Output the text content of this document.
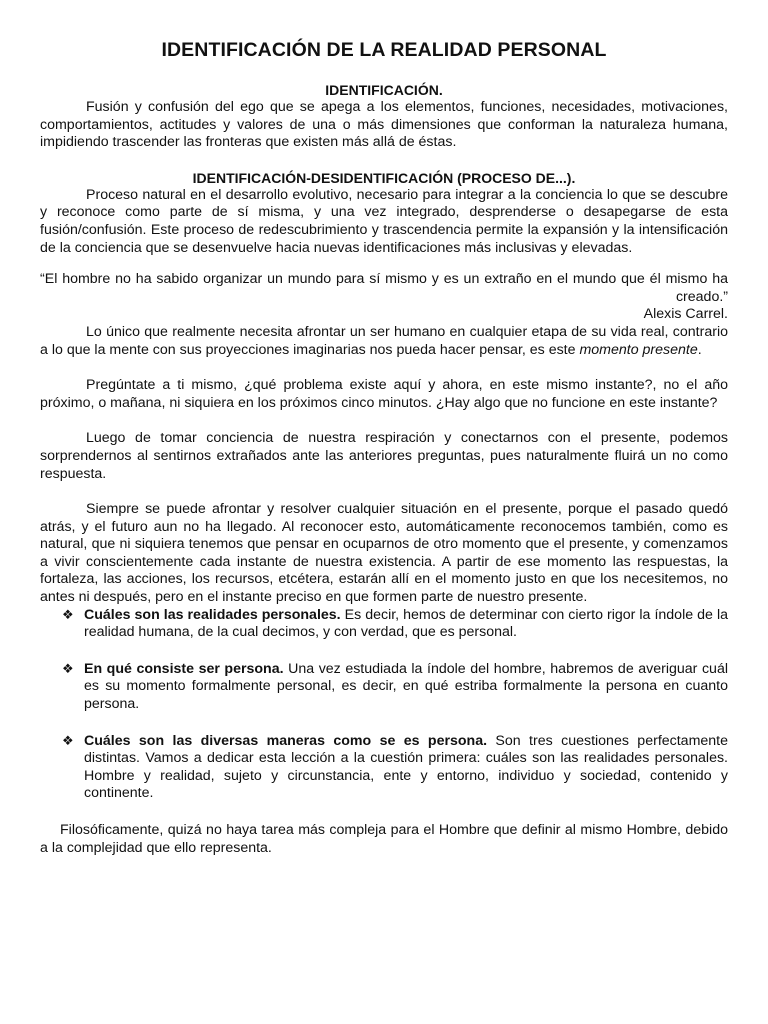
IDENTIFICACIÓN DE LA REALIDAD PERSONAL
IDENTIFICACIÓN.

Fusión y confusión del ego que se apega a los elementos, funciones, necesidades, motivaciones, comportamientos, actitudes y valores de una o más dimensiones que conforman la naturaleza humana, impidiendo trascender las fronteras que existen más allá de éstas.

IDENTIFICACIÓN-DESIDENTIFICACIÓN (PROCESO DE...).

Proceso natural en el desarrollo evolutivo, necesario para integrar a la conciencia lo que se descubre y reconoce como parte de sí misma, y una vez integrado, desprenderse o desapegarse de esta fusión/confusión. Este proceso de redescubrimiento y trascendencia permite la expansión y la intensificación de la conciencia que se desenvuelve hacia nuevas identificaciones más inclusivas y elevadas.

“El hombre no ha sabido organizar un mundo para sí mismo y es un extraño en el mundo que él mismo ha creado.”

Alexis Carrel.

Lo único que realmente necesita afrontar un ser humano en cualquier etapa de su vida real, contrario a lo que la mente con sus proyecciones imaginarias nos pueda hacer pensar, es este momento presente.

Pregúntate a ti mismo, ¿qué problema existe aquí y ahora, en este mismo instante?, no el año próximo, o mañana, ni siquiera en los próximos cinco minutos. ¿Hay algo que no funcione en este instante?

Luego de tomar conciencia de nuestra respiración y conectarnos con el presente, podemos sorprendernos al sentirnos extrañados ante las anteriores preguntas, pues naturalmente fluirá un no como respuesta.

Siempre se puede afrontar y resolver cualquier situación en el presente, porque el pasado quedó atrás, y el futuro aun no ha llegado. Al reconocer esto, automáticamente reconocemos también, como es natural, que ni siquiera tenemos que pensar en ocuparnos de otro momento que el presente, y comenzamos a vivir conscientemente cada instante de nuestra existencia. A partir de ese momento las respuestas, la fortaleza, las acciones, los recursos, etcétera, estarán allí en el momento justo en que los necesitemos, no antes ni después, pero en el instante preciso en que formen parte de nuestro presente.

❖ Cuáles son las realidades personales. Es decir, hemos de determinar con cierto rigor la índole de la realidad humana, de la cual decimos, y con verdad, que es personal.

❖ En qué consiste ser persona. Una vez estudiada la índole del hombre, habremos de averiguar cuál es su momento formalmente personal, es decir, en qué estriba formalmente la persona en cuanto persona.

❖ Cuáles son las diversas maneras como se es persona. Son tres cuestiones perfectamente distintas. Vamos a dedicar esta lección a la cuestión primera: cuáles son las realidades personales. Hombre y realidad, sujeto y circunstancia, ente y entorno, individuo y sociedad, contenido y continente.

Filosóficamente, quizá no haya tarea más compleja para el Hombre que definir al mismo Hombre, debido a la complejidad que ello representa.
